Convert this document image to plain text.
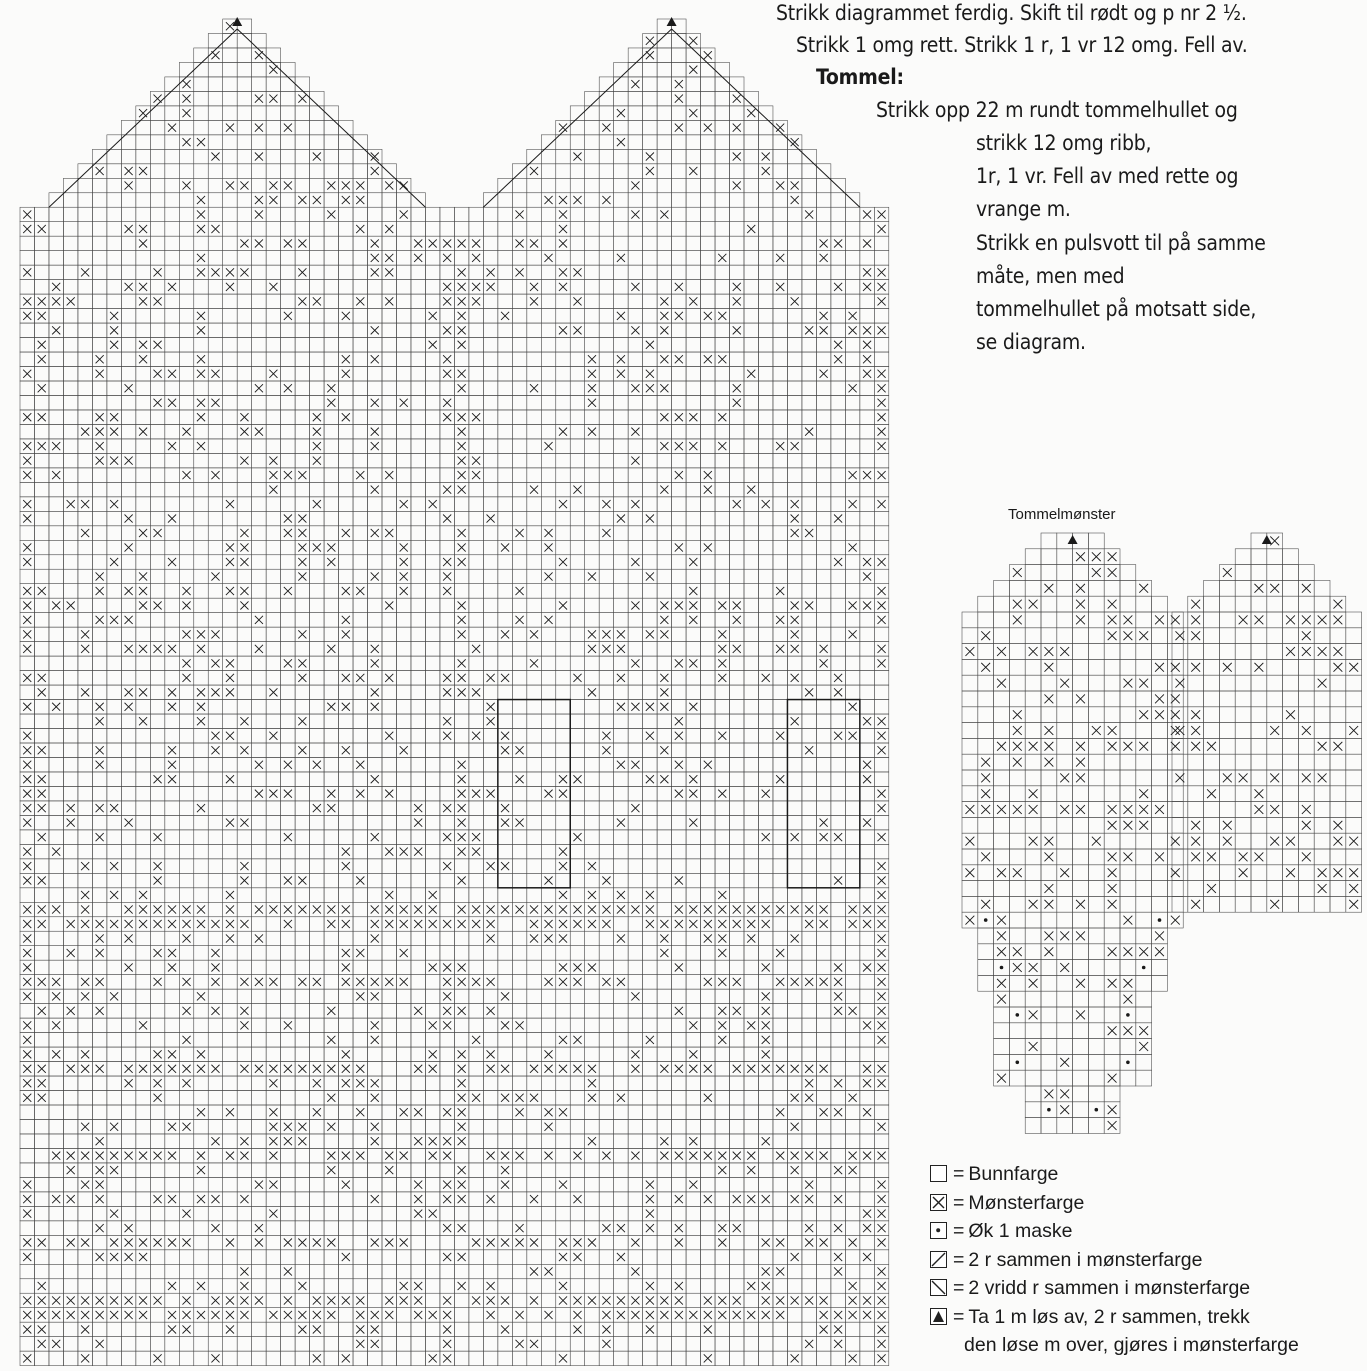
Strikk diagrammet ferdig. Skift til rødt og p nr 2 ½.
Strikk 1 omg rett. Strikk 1 r, 1 vr 12 omg. Fell av.
Tommel:
Strikk opp 22 m rundt tommelhullet og
strikk 12 omg ribb,
1r, 1 vr. Fell av med rette og
vrange m.
Strikk en pulsvott til på samme
måte, men med
tommelhullet på motsatt side,
se diagram.
Tommelmønster
= Bunnfarge
= Mønsterfarge
= Øk 1 maske
= 2 r sammen i mønsterfarge
= 2 vridd r sammen i mønsterfarge
= Ta 1 m løs av, 2 r sammen, trekk
den løse m over, gjøres i mønsterfarge
